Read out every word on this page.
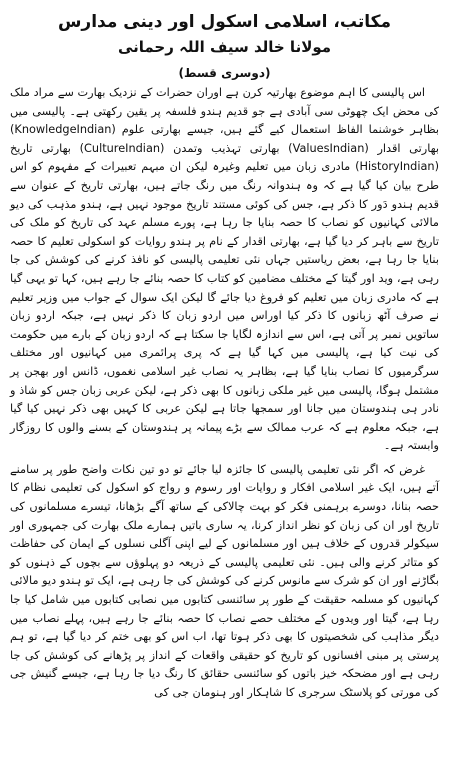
مکاتب، اسلامی اسکول اور دینی مدارس
مولانا خالد سیف اللہ رحمانی
(دوسری قسط)

اس پالیسی کا اہم موضوع بھارتیہ کرن ہے اوران حضرات کے نزدیک بھارت سے مراد ملک کی محض ایک چھوٹی سی آبادی ہے جو قدیم ہندو فلسفہ پر یقین رکھتی ہے۔ پالیسی میں بظاہر خوشنما الفاظ استعمال کیے گئے ہیں، جیسے بھارتی علوم (KnowledgeIndian) بھارتی اقدار (ValuesIndian) بھارتی تہذیب وتمدن (CultureIndian) بھارتی تاریخ (HistoryIndian) مادری زبان میں تعلیم وغیرہ لیکن ان مبہم تعبیرات کے مفہوم کو اس طرح بیان کیا گیا ہے کہ وہ ہندوانہ رنگ میں رنگ جاتے ہیں، بھارتی تاریخ کے عنوان سے قدیم ہندو دَور کا ذکر ہے، جس کی کوئی مستند تاریخ موجود نہیں ہے، ہندو مذہب کی دیو مالائی کہانیوں کو نصاب کا حصہ بنایا جا رہا ہے، پورے مسلم عہد کی تاریخ کو ملک کی تاریخ سے باہر کر دیا گیا ہے، بھارتی اقدار کے نام پر ہندو روایات کو اسکولی تعلیم کا حصہ بنایا جا رہا ہے، بعض ریاستیں جہاں نئی تعلیمی پالیسی کو نافذ کرنے کی کوشش کی جا رہی ہے، وید اور گیتا کے مختلف مضامین کو کتاب کا حصہ بنائے جا رہے ہیں، کہا تو یہی گیا ہے کہ مادری زبان میں تعلیم کو فروغ دیا جائے گا لیکن ایک سوال کے جواب میں وزیر تعلیم نے صرف آٹھ زبانوں کا ذکر کیا اوراس میں اردو زبان کا ذکر نہیں ہے، جبکہ اردو زبان ساتویں نمبر پر آتی ہے، اس سے اندازہ لگایا جا سکتا ہے کہ اردو زبان کے بارے میں حکومت کی نیت کیا ہے، پالیسی میں کہا گیا ہے کہ پری پرائمری میں کہانیوں اور مختلف سرگرمیوں کا نصاب بنایا گیا ہے، بظاہر یہ نصاب غیر اسلامی نغموں، ڈانس اور بھجن پر مشتمل ہوگا، پالیسی میں غیر ملکی زبانوں کا بھی ذکر ہے، لیکن عربی زبان جس کو شاذ و نادر ہی ہندوستان میں جانا اور سمجھا جاتا ہے لیکن عربی کا کہیں بھی ذکر نہیں کیا گیا ہے، جبکہ معلوم ہے کہ عرب ممالک سے بڑے پیمانہ پر ہندوستان کے بسنے والوں کا روزگار وابستہ ہے۔

غرض کہ اگر نئی تعلیمی پالیسی کا جائزہ لیا جائے تو دو تین نکات واضح طور پر سامنے آتے ہیں، ایک غیر اسلامی افکار و روایات اور رسوم و رواج کو اسکول کی تعلیمی نظام کا حصہ بنانا، دوسرے برہمنی فکر کو بہت چالاکی کے ساتھ آگے بڑھانا، تیسرے مسلمانوں کی تاریخ اور ان کی زبان کو نظر انداز کرنا، یہ ساری باتیں ہمارے ملک بھارت کی جمہوری اور سیکولر قدروں کے خلاف ہیں اور مسلمانوں کے لیے اپنی آگلی نسلوں کے ایمان کی حفاظت کو متاثر کرنے والی ہیں۔ نئی تعلیمی پالیسی کے ذریعہ دو پہلوؤں سے بچوں کے ذہنوں کو بگاڑنے اور ان کو شرک سے مانوس کرنے کی کوشش کی جا رہی ہے، ایک تو ہندو دیو مالائی کہانیوں کو مسلمہ حقیقت کے طور پر سائنسی کتابوں میں نصابی کتابوں میں شامل کیا جا رہا ہے، گیتا اور ویدوں کے مختلف حصے نصاب کا حصہ بنائے جا رہے ہیں، پہلے نصاب میں دیگر مذاہب کی شخصیتوں کا بھی ذکر ہوتا تھا، اب اس کو بھی ختم کر دیا گیا ہے، تو ہم پرستی پر مبنی افسانوں کو تاریخ کو حقیقی واقعات کے انداز پر پڑھانے کی کوشش کی جا رہی ہے اور مضحکہ خیز باتوں کو سائنسی حقائق کا رنگ دیا جا رہا ہے، جیسے گنیش جی کی مورتی کو پلاسٹک سرجری کا شاہکار اور ہنومان جی کی
